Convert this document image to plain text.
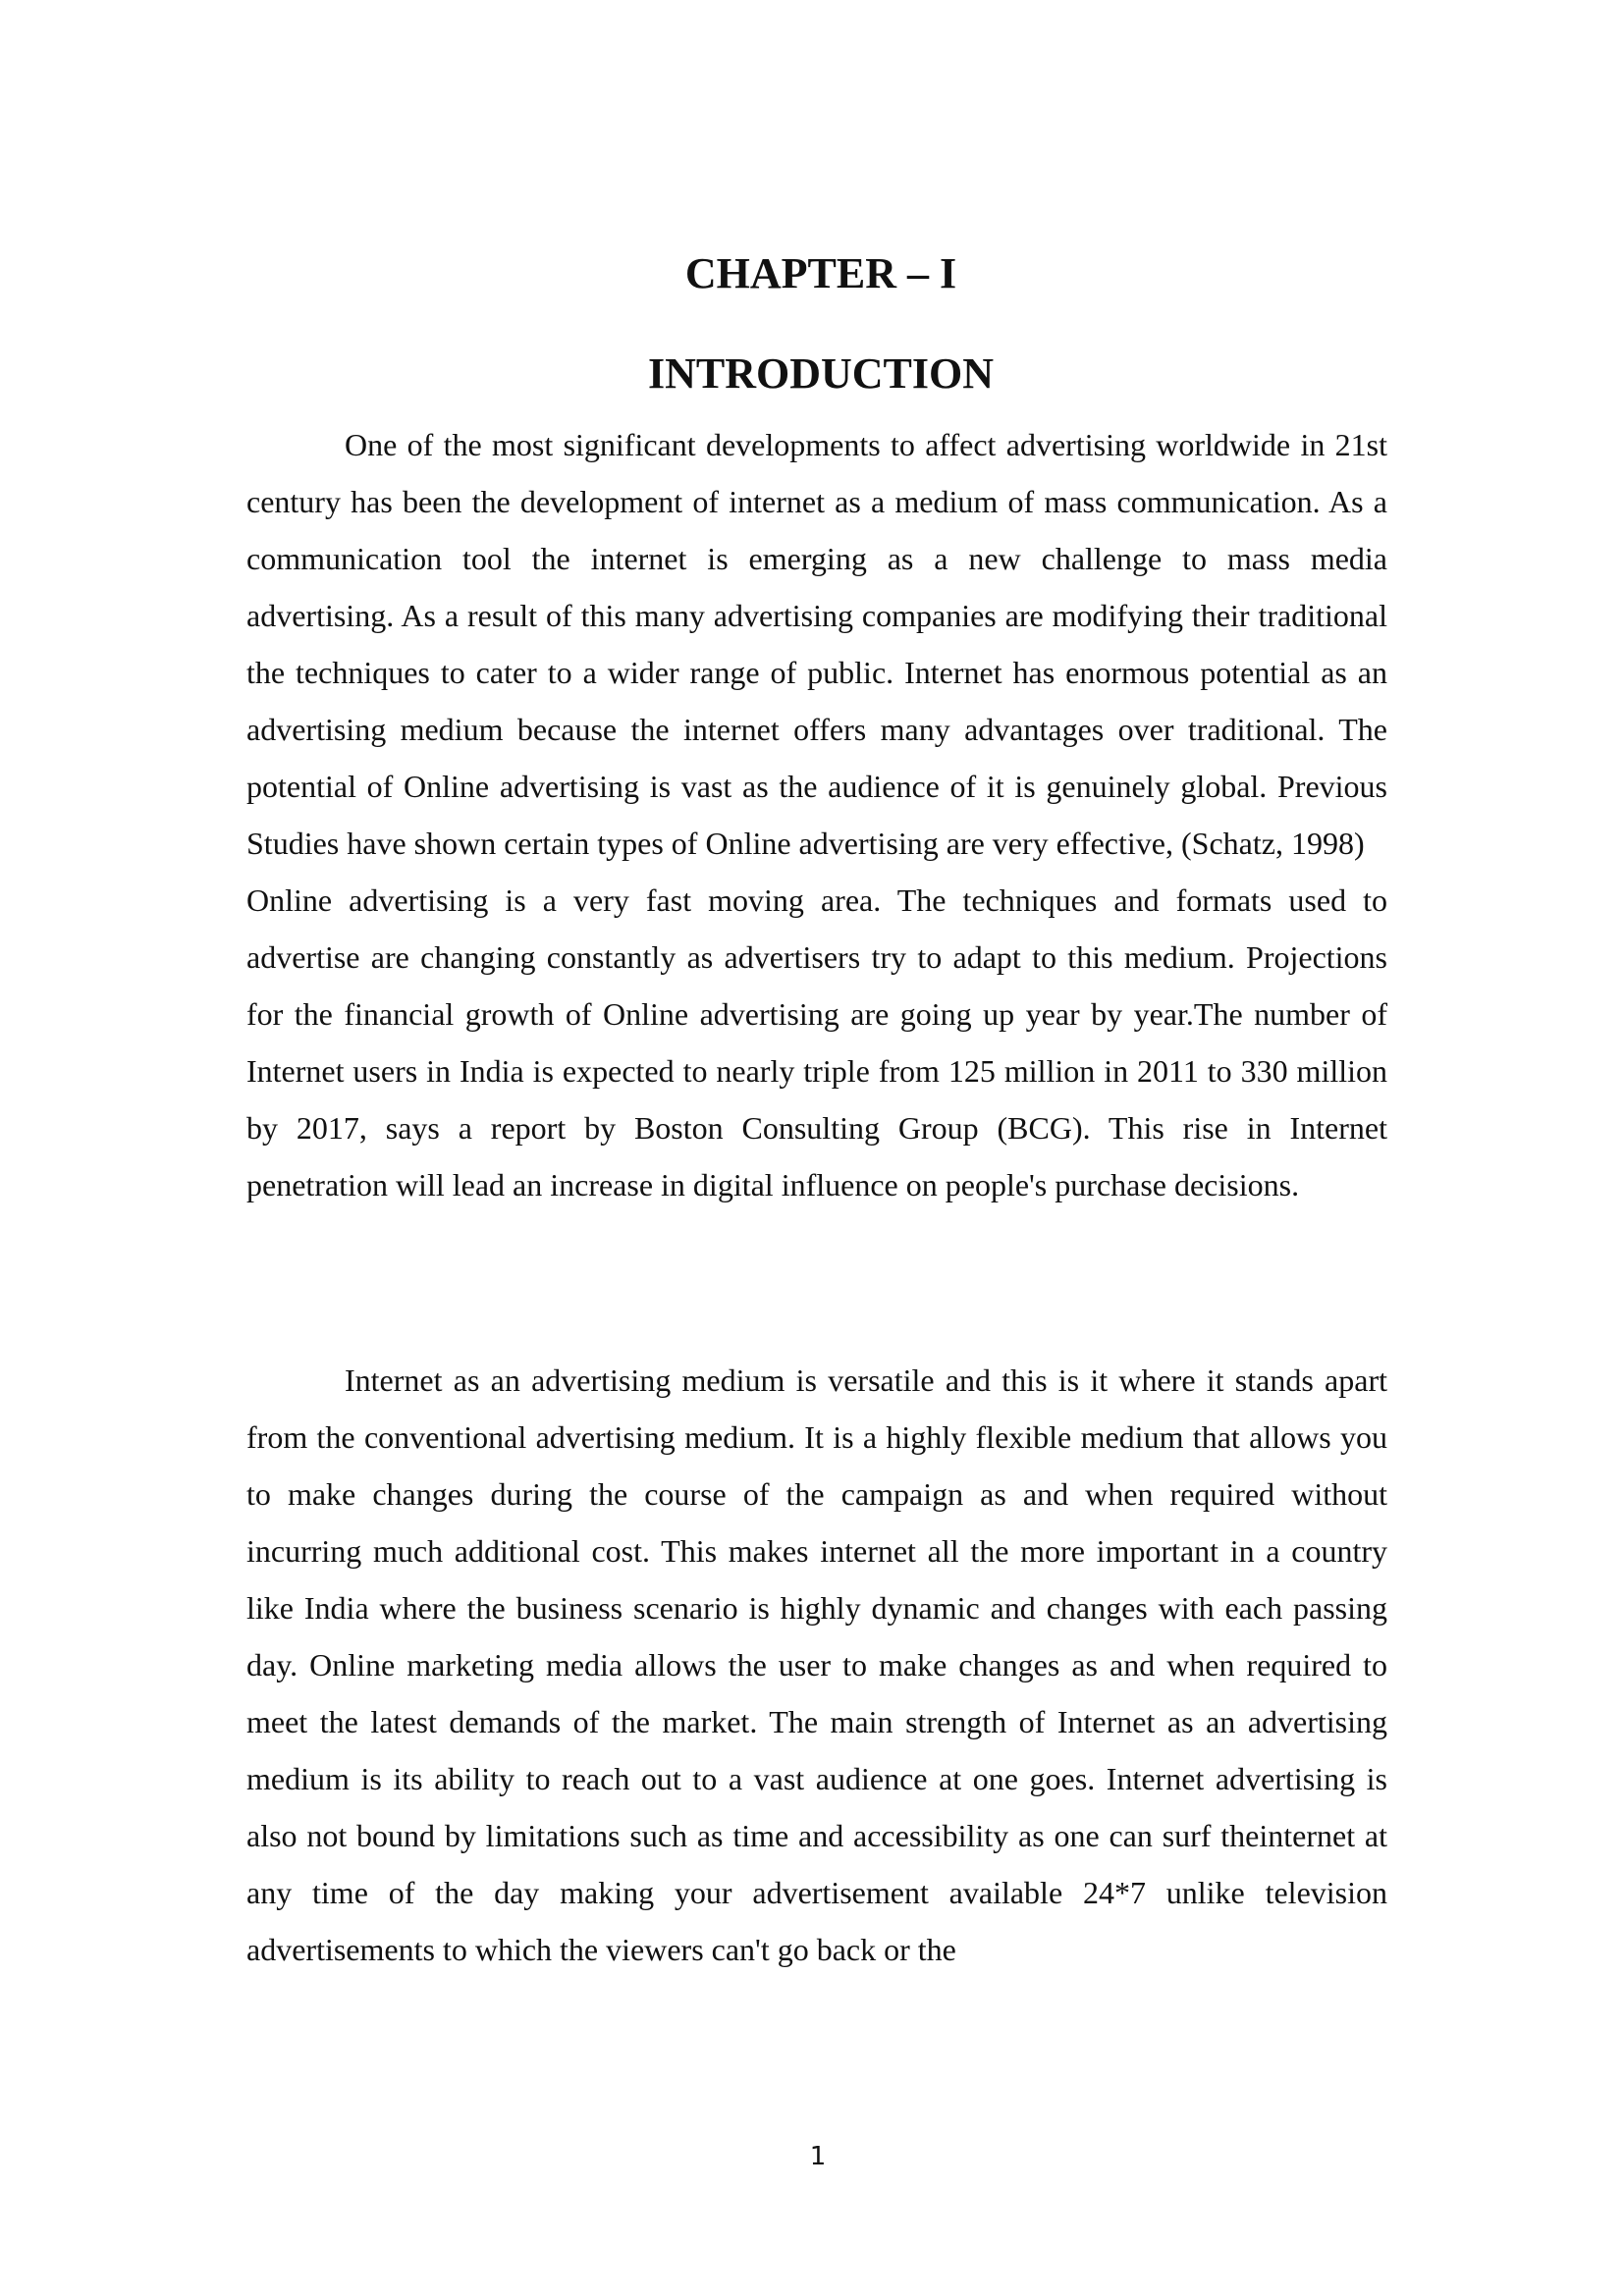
CHAPTER – I
INTRODUCTION

One of the most significant developments to affect advertising worldwide in 21st century has been the development of internet as a medium of mass communication. As a communication tool the internet is emerging as a new challenge to mass media advertising. As a result of this many advertising companies are modifying their traditional the techniques to cater to a wider range of public. Internet has enormous potential as an advertising medium because the internet offers many advantages over traditional. The potential of Online advertising is vast as the audience of it is genuinely global. Previous Studies have shown certain types of Online advertising are very effective, (Schatz, 1998)

Online advertising is a very fast moving area. The techniques and formats used to advertise are changing constantly as advertisers try to adapt to this medium. Projections for the financial growth of Online advertising are going up year by year.The number of Internet users in India is expected to nearly triple from 125 million in 2011 to 330 million by 2017, says a report by Boston Consulting Group (BCG). This rise in Internet penetration will lead an increase in digital influence on people's purchase decisions.

Internet as an advertising medium is versatile and this is it where it stands apart from the conventional advertising medium. It is a highly flexible medium that allows you to make changes during the course of the campaign as and when required without incurring much additional cost. This makes internet all the more important in a country like India where the business scenario is highly dynamic and changes with each passing day. Online marketing media allows the user to make changes as and when required to meet the latest demands of the market. The main strength of Internet as an advertising medium is its ability to reach out to a vast audience at one goes. Internet advertising is also not bound by limitations such as time and accessibility as one can surf theinternet at any time of the day making your advertisement available 24*7 unlike television advertisements to which the viewers can't go back or the

1
